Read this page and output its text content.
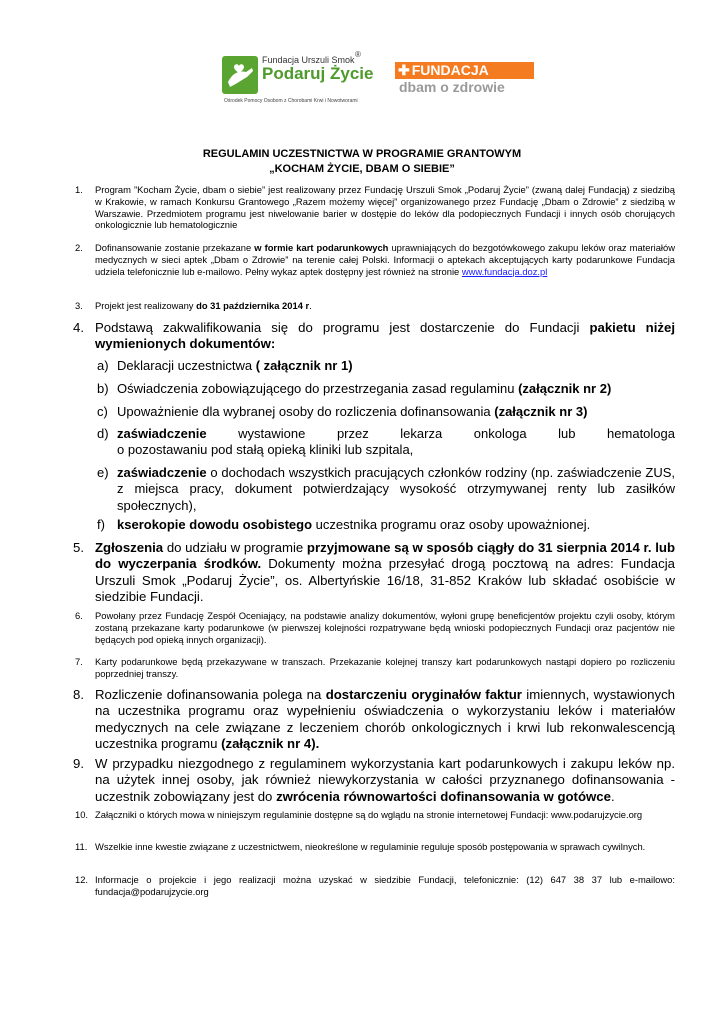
Fundacja Urszuli Smok
®
Podaruj Życie
Ośrodek Pomocy Osobom z Chorobami Krwi i Nowotworami
✚ FUNDACJA
dbam o zdrowie
REGULAMIN UCZESTNICTWA W PROGRAMIE GRANTOWYM
„KOCHAM ŻYCIE, DBAM O SIEBIE”
1. Program ”Kocham Życie, dbam o siebie” jest realizowany przez Fundację Urszuli Smok „Podaruj Życie” (zwaną dalej Fundacją) z siedzibą w Krakowie, w ramach Konkursu Grantowego „Razem możemy więcej” organizowanego przez Fundację „Dbam o Zdrowie” z siedzibą w Warszawie. Przedmiotem programu jest niwelowanie barier w dostępie do leków dla podopiecznych Fundacji i innych osób chorujących onkologicznie lub hematologicznie
2. Dofinansowanie zostanie przekazane w formie kart podarunkowych uprawniających do bezgotówkowego zakupu leków oraz materiałów medycznych w sieci aptek „Dbam o Zdrowie” na terenie całej Polski. Informacji o aptekach akceptujących karty podarunkowe Fundacja udziela telefonicznie lub e-mailowo. Pełny wykaz aptek dostępny jest również na stronie www.fundacja.doz.pl
3. Projekt jest realizowany do 31 października 2014 r.
4. Podstawą zakwalifikowania się do programu jest dostarczenie do Fundacji pakietu niżej wymienionych dokumentów:
a) Deklaracji uczestnictwa ( załącznik nr 1)
b) Oświadczenia zobowiązującego do przestrzegania zasad regulaminu (załącznik nr 2)
c) Upoważnienie dla wybranej osoby do rozliczenia dofinansowania (załącznik nr 3)
d) zaświadczenie wystawione przez lekarza onkologa lub hematologa
o pozostawaniu pod stałą opieką kliniki lub szpitala,
e) zaświadczenie o dochodach wszystkich pracujących członków rodziny (np. zaświadczenie ZUS, z miejsca pracy, dokument potwierdzający wysokość otrzymywanej renty lub zasiłków społecznych),
f) kserokopie dowodu osobistego uczestnika programu oraz osoby upoważnionej.
5. Zgłoszenia do udziału w programie przyjmowane są w sposób ciągły do 31 sierpnia 2014 r. lub do wyczerpania środków. Dokumenty można przesyłać drogą pocztową na adres: Fundacja Urszuli Smok „Podaruj Życie”, os. Albertyńskie 16/18, 31-852 Kraków lub składać osobiście w siedzibie Fundacji.
6. Powołany przez Fundację Zespół Oceniający, na podstawie analizy dokumentów, wyłoni grupę beneficjentów projektu czyli osoby, którym zostaną przekazane karty podarunkowe (w pierwszej kolejności rozpatrywane będą wnioski podopiecznych Fundacji oraz pacjentów nie będących pod opieką innych organizacji).
7. Karty podarunkowe będą przekazywane w transzach. Przekazanie kolejnej transzy kart podarunkowych nastąpi dopiero po rozliczeniu poprzedniej transzy.
8. Rozliczenie dofinansowania polega na dostarczeniu oryginałów faktur imiennych, wystawionych na uczestnika programu oraz wypełnieniu oświadczenia o wykorzystaniu leków i materiałów medycznych na cele związane z leczeniem chorób onkologicznych i krwi lub rekonwalescencją uczestnika programu (załącznik nr 4).
9. W przypadku niezgodnego z regulaminem wykorzystania kart podarunkowych i zakupu leków np. na użytek innej osoby, jak również niewykorzystania w całości przyznanego dofinansowania - uczestnik zobowiązany jest do zwrócenia równowartości dofinansowania w gotówce.
10. Załączniki o których mowa w niniejszym regulaminie dostępne są do wglądu na stronie internetowej Fundacji: www.podarujzycie.org
11. Wszelkie inne kwestie związane z uczestnictwem, nieokreślone w regulaminie reguluje sposób postępowania w sprawach cywilnych.
12. Informacje o projekcie i jego realizacji można uzyskać w siedzibie Fundacji, telefonicznie: (12) 647 38 37 lub e-mailowo: fundacja@podarujzycie.org
